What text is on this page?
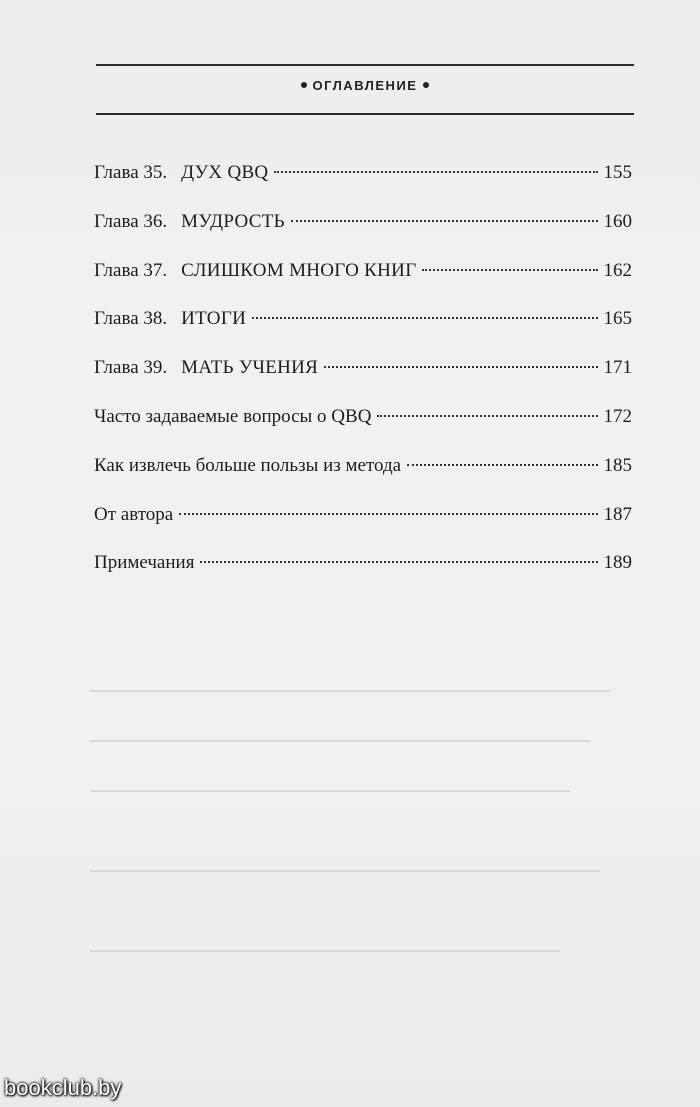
ОГЛАВЛЕНИЕ
Глава 35. ДУХ QBQ	155
Глава 36. МУДРОСТЬ	160
Глава 37. СЛИШКОМ МНОГО КНИГ	162
Глава 38. ИТОГИ	165
Глава 39. МАТЬ УЧЕНИЯ	171
Часто задаваемые вопросы о QBQ	172
Как извлечь больше пользы из метода	185
От автора	187
Примечания	189
bookclub.by
